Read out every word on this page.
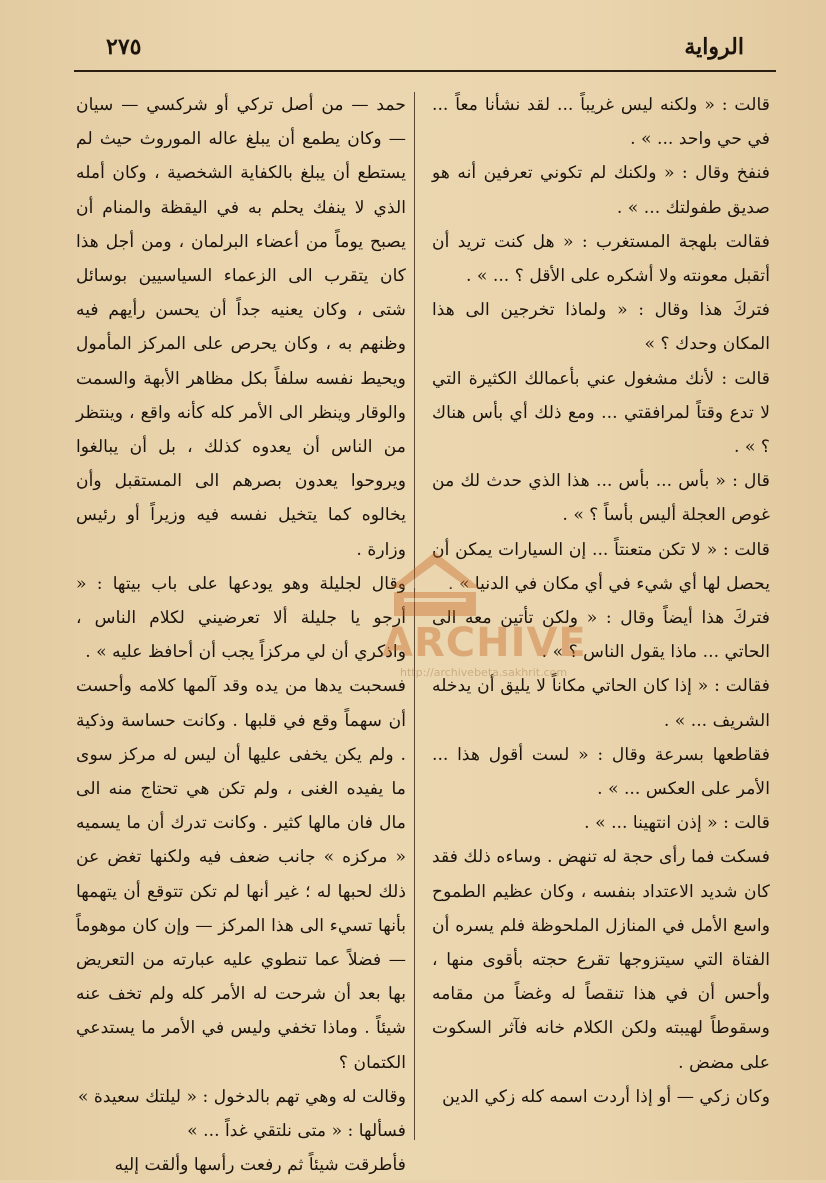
الرواية
٢٧٥

قالت : « ولكنه ليس غريباً ... لقد نشأنا معاً ... في حي واحد ... » .

فنفخ وقال : « ولكنك لم تكوني تعرفين أنه هو صديق طفولتك ... » .

فقالت بلهجة المستغرب : « هل كنت تريد أن أتقبل معونته ولا أشكره على الأقل ؟ ... » .

فتركَ هذا وقال : « ولماذا تخرجين الى هذا المكان وحدك ؟ »

قالت : لأنك مشغول عني بأعمالك الكثيرة التي لا تدع وقتاً لمرافقتي ... ومع ذلك أي بأس هناك ؟ » .

قال : « بأس ... بأس ... هذا الذي حدث لك من غوص العجلة أليس بأساً ؟ » .

قالت : « لا تكن متعنتاً ... إن السيارات يمكن أن يحصل لها أي شيء في أي مكان في الدنيا » .

فتركَ هذا أيضاً وقال : « ولكن تأتين معه الى الحاتي ... ماذا يقول الناس ؟ » .

فقالت : « إذا كان الحاتي مكاناً لا يليق أن يدخله الشريف ... » .

فقاطعها بسرعة وقال : « لست أقول هذا ... الأمر على العكس ... » .

قالت : « إذن انتهينا ... » .

فسكت فما رأى حجة له تنهض . وساءه ذلك فقد كان شديد الاعتداد بنفسه ، وكان عظيم الطموح واسع الأمل في المنازل الملحوظة فلم يسره أن الفتاة التي سيتزوجها تقرع حجته بأقوى منها ، وأحس أن في هذا تنقصاً له وغضاً من مقامه وسقوطاً لهيبته ولكن الكلام خانه فآثر السكوت على مضض .

وكان زكي — أو إذا أردت اسمه كله زكي الدين

حمد — من أصل تركي أو شركسي — سيان — وكان يطمع أن يبلغ عاله الموروث حيث لم يستطع أن يبلغ بالكفاية الشخصية ، وكان أمله الذي لا ينفك يحلم به في اليقظة والمنام أن يصبح يوماً من أعضاء البرلمان ، ومن أجل هذا كان يتقرب الى الزعماء السياسيين بوسائل شتى ، وكان يعنيه جداً أن يحسن رأيهم فيه وظنهم به ، وكان يحرص على المركز المأمول ويحيط نفسه سلفاً بكل مظاهر الأبهة والسمت والوقار وينظر الى الأمر كله كأنه واقع ، وينتظر من الناس أن يعدوه كذلك ، بل أن يبالغوا ويروحوا يعدون بصرهم الى المستقبل وأن يخالوه كما يتخيل نفسه فيه وزيراً أو رئيس وزارة .

وقال لجليلة وهو يودعها على باب بيتها : « أرجو يا جليلة ألا تعرضيني لكلام الناس ، واذكري أن لي مركزاً يجب أن أحافظ عليه » .

فسحبت يدها من يده وقد آلمها كلامه وأحست أن سهماً وقع في قلبها . وكانت حساسة وذكية . ولم يكن يخفى عليها أن ليس له مركز سوى ما يفيده الغنى ، ولم تكن هي تحتاج منه الى مال فان مالها كثير . وكانت تدرك أن ما يسميه « مركزه » جانب ضعف فيه ولكنها تغض عن ذلك لحبها له ؛ غير أنها لم تكن تتوقع أن يتهمها بأنها تسيء الى هذا المركز — وإن كان موهوماً — فضلاً عما تنطوي عليه عبارته من التعريض بها بعد أن شرحت له الأمر كله ولم تخف عنه شيئاً . وماذا تخفي وليس في الأمر ما يستدعي الكتمان ؟

وقالت له وهي تهم بالدخول : « ليلتك سعيدة »

فسألها : « متى نلتقي غداً ... »

فأطرقت شيئاً ثم رفعت رأسها وألقت إليه

ARCHIVE
http://archivebeta.sakhrit.com
